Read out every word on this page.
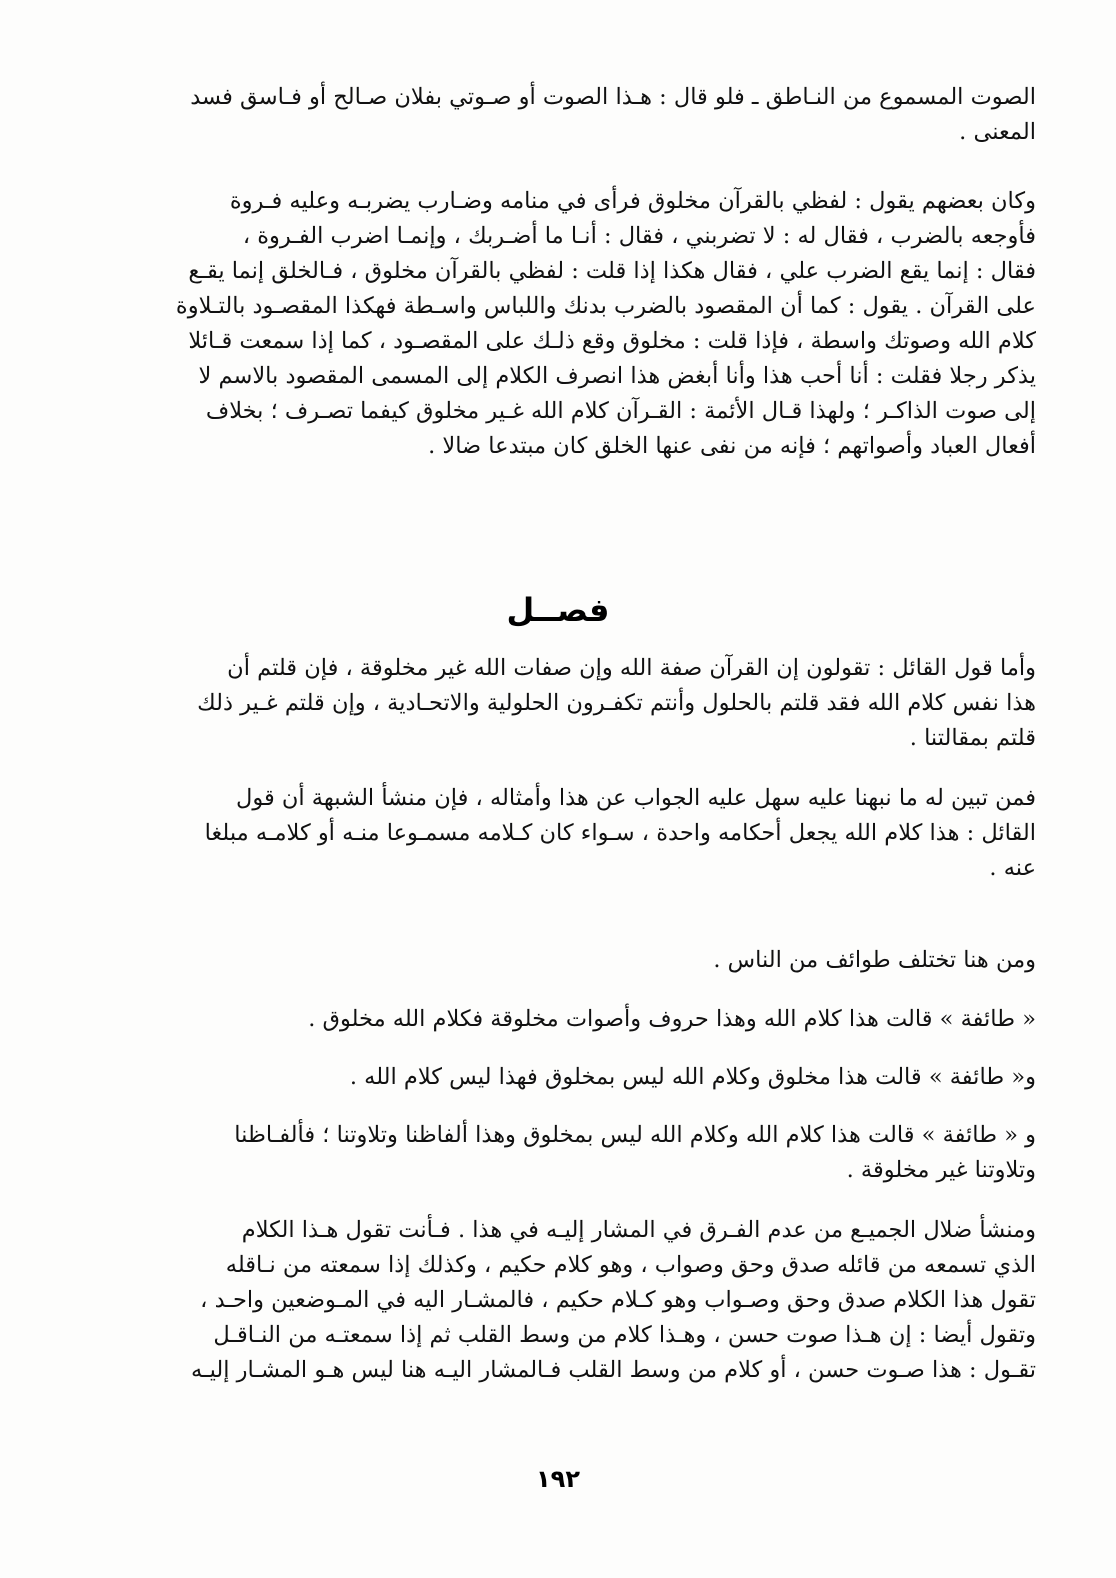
الصوت المسموع من النـاطق ـ فلو قال : هـذا الصوت أو صـوتي بفلان صـالح أو فـاسق فسد
المعنى .

وكان بعضهم يقول : لفظي بالقرآن مخلوق فرأى في منامه وضـارب يضربـه وعليه فـروة
فأوجعه بالضرب ، فقال له : لا تضربني ، فقال : أنـا ما أضـربك ، وإنمـا اضرب الفـروة ،
فقال : إنما يقع الضرب علي ، فقال هكذا إذا قلت : لفظي بالقرآن مخلوق ، فـالخلق إنما يقـع
على القرآن . يقول : كما أن المقصود بالضرب بدنك واللباس واسـطة فهكذا المقصـود بالتـلاوة
كلام الله وصوتك واسطة ، فإذا قلت : مخلوق وقع ذلـك على المقصـود ، كما إذا سمعت قـائلا
يذكر رجلا فقلت : أنا أحب هذا وأنا أبغض هذا انصرف الكلام إلى المسمى المقصود بالاسم لا
إلى صوت الذاكـر ؛ ولهذا قـال الأئمة : القـرآن كلام الله غـير مخلوق كيفما تصـرف ؛ بخلاف
أفعال العباد وأصواتهم ؛ فإنه من نفى عنها الخلق كان مبتدعا ضالا .

فصــل

وأما قول القائل : تقولون إن القرآن صفة الله وإن صفات الله غير مخلوقة ، فإن قلتم أن
هذا نفس كلام الله فقد قلتم بالحلول وأنتم تكفـرون الحلولية والاتحـادية ، وإن قلتم غـير ذلك
قلتم بمقالتنا .

فمن تبين له ما نبهنا عليه سهل عليه الجواب عن هذا وأمثاله ، فإن منشأ الشبهة أن قول
القائل : هذا كلام الله يجعل أحكامه واحدة ، سـواء كان كـلامه مسمـوعا منـه أو كلامـه مبلغا
عنه .

ومن هنا تختلف طوائف من الناس .

« طائفة » قالت هذا كلام الله وهذا حروف وأصوات مخلوقة فكلام الله مخلوق .

و« طائفة » قالت هذا مخلوق وكلام الله ليس بمخلوق فهذا ليس كلام الله .

و « طائفة » قالت هذا كلام الله وكلام الله ليس بمخلوق وهذا ألفاظنا وتلاوتنا ؛ فألفـاظنا
وتلاوتنا غير مخلوقة .

ومنشأ ضلال الجميـع من عدم الفـرق في المشار إليـه في هذا . فـأنت تقول هـذا الكلام
الذي تسمعه من قائله صدق وحق وصواب ، وهو كلام حكيم ، وكذلك إذا سمعته من نـاقله
تقول هذا الكلام صدق وحق وصـواب وهو كـلام حكيم ، فالمشـار اليه في المـوضعين واحـد ،
وتقول أيضا : إن هـذا صوت حسن ، وهـذا كلام من وسط القلب ثم إذا سمعتـه من النـاقـل
تقـول : هذا صـوت حسن ، أو كلام من وسط القلب فـالمشار اليـه هنا ليس هـو المشـار إليـه

١٩٢
